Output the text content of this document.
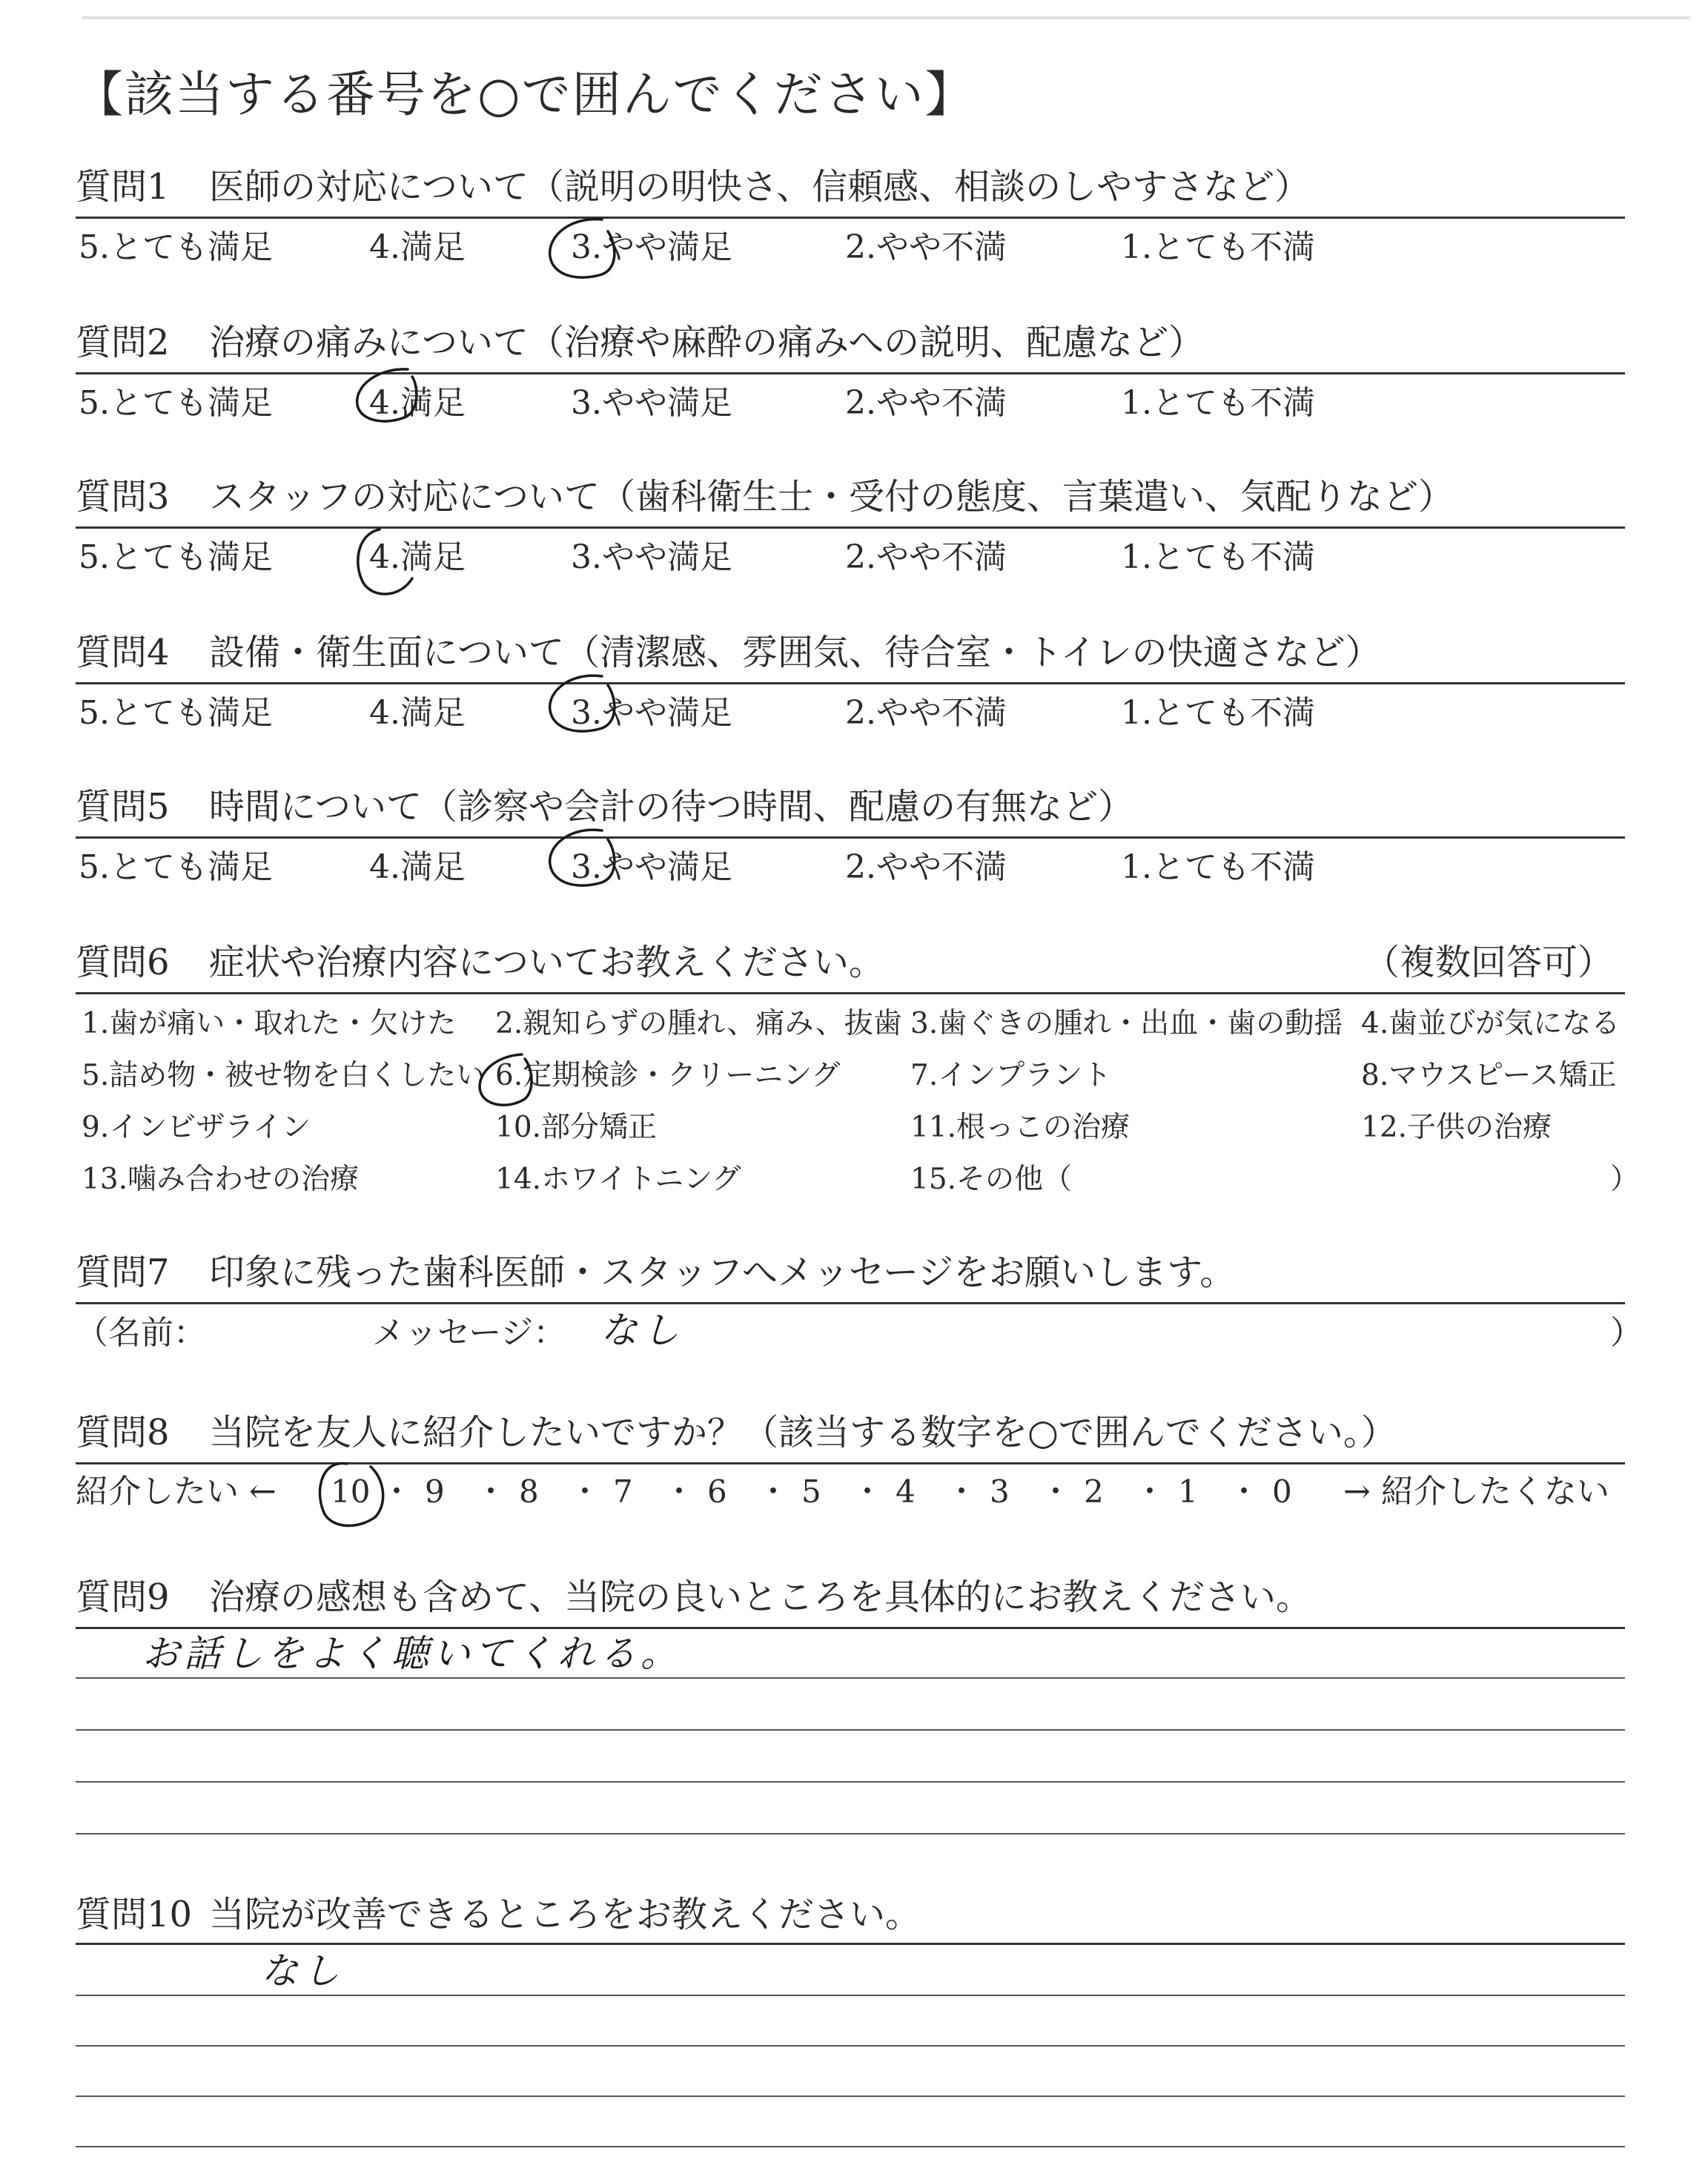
【該当する番号を○で囲んでください】
質問1 医師の対応について（説明の明快さ、信頼感、相談のしやすさなど）
5.とても満足	4.満足	3.やや満足	2.やや不満	1.とても不満
質問2 治療の痛みについて（治療や麻酔の痛みへの説明、配慮など）
5.とても満足	4.満足	3.やや満足	2.やや不満	1.とても不満
質問3 スタッフの対応について（歯科衛生士・受付の態度、言葉遣い、気配りなど）
5.とても満足	4.満足	3.やや満足	2.やや不満	1.とても不満
質問4 設備・衛生面について（清潔感、雰囲気、待合室・トイレの快適さなど）
5.とても満足	4.満足	3.やや満足	2.やや不満	1.とても不満
質問5 時間について（診察や会計の待つ時間、配慮の有無など）
5.とても満足	4.満足	3.やや満足	2.やや不満	1.とても不満
質問6 症状や治療内容についてお教えください。	（複数回答可）
1.歯が痛い・取れた・欠けた 2.親知らずの腫れ、痛み、抜歯 3.歯ぐきの腫れ・出血・歯の動揺 4.歯並びが気になる
5.詰め物・被せ物を白くしたい 6.定期検診・クリーニング 7.インプラント	8.マウスピース矯正
9.インビザライン	10.部分矯正	11.根っこの治療	12.子供の治療
13.噛み合わせの治療	14.ホワイトニング	15.その他（	）
質問7 印象に残った歯科医師・スタッフへメッセージをお願いします。
（名前：	メッセージ： なし	）
質問8 当院を友人に紹介したいですか？（該当する数字を○で囲んでください。）
紹介したい ←	→ 紹介したくない
質問9 治療の感想も含めて、当院の良いところを具体的にお教えください。
お話しをよく聴いてくれる。
質問10 当院が改善できるところをお教えください。
なし
10 ・ 9 ・ 8 ・ 7 ・ 6 ・ 5 ・ 4 ・ 3 ・ 2 ・ 1 ・ 0
